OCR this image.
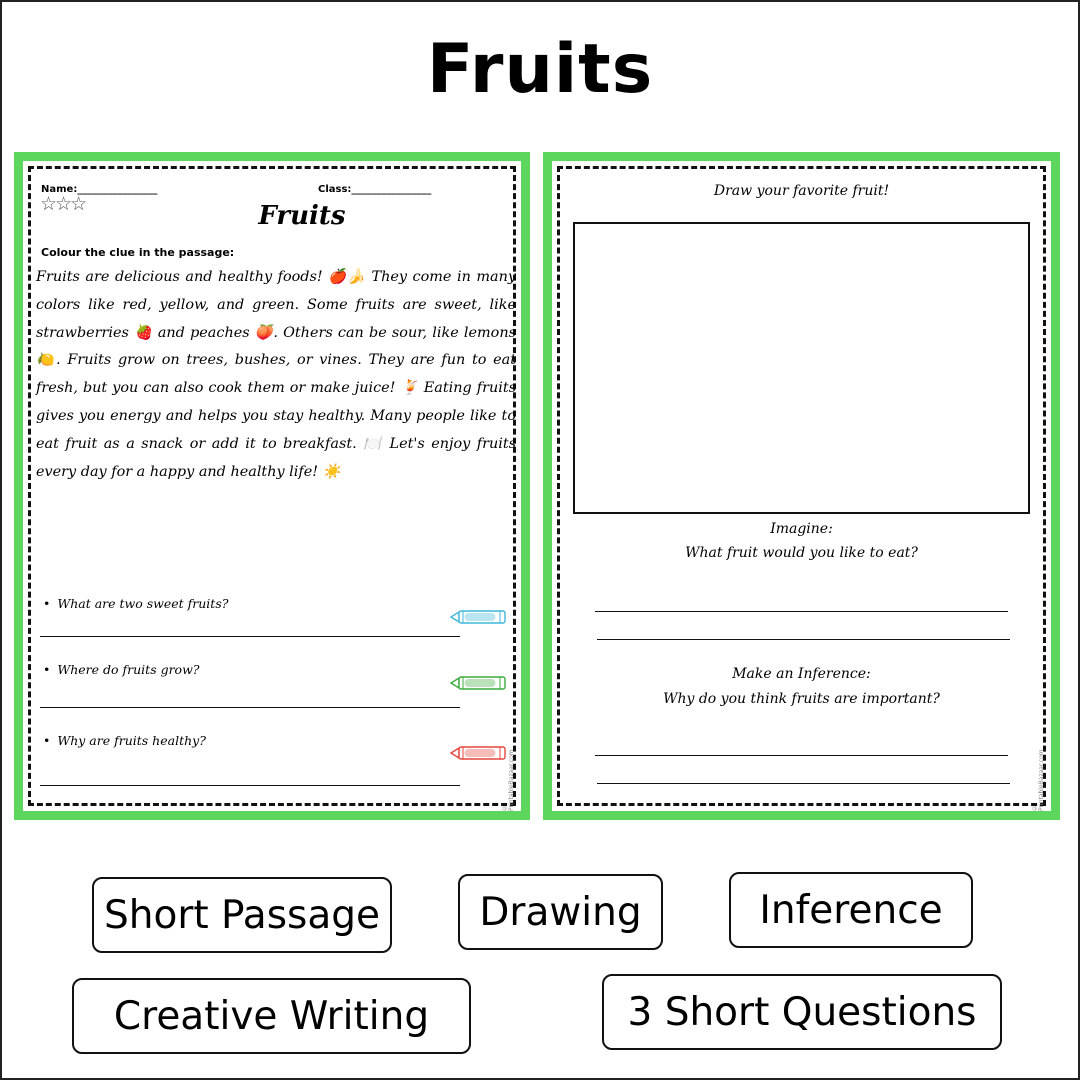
Fruits
Name:________________	Class:________________
☆☆☆	Fruits
Colour the clue in the passage:
Fruits are delicious and healthy foods! 🍎🍌 They come in many colors like red, yellow, and green. Some fruits are sweet, like strawberries 🍓 and peaches 🍑. Others can be sour, like lemons 🍋. Fruits grow on trees, bushes, or vines. They are fun to eat fresh, but you can also cook them or make juice! 🍹 Eating fruits gives you energy and helps you stay healthy. Many people like to eat fruit as a snack or add it to breakfast. 🍽️ Let's enjoy fruits every day for a happy and healthy life! ☀️
• What are two sweet fruits?
• Where do fruits grow?
• Why are fruits healthy?
© PrintableBazaar.com
Draw your favorite fruit!
Imagine:
What fruit would you like to eat?
Make an Inference:
Why do you think fruits are important?
© PrintableBazaar.com
Short Passage	Drawing	Inference
Creative Writing	3 Short Questions
